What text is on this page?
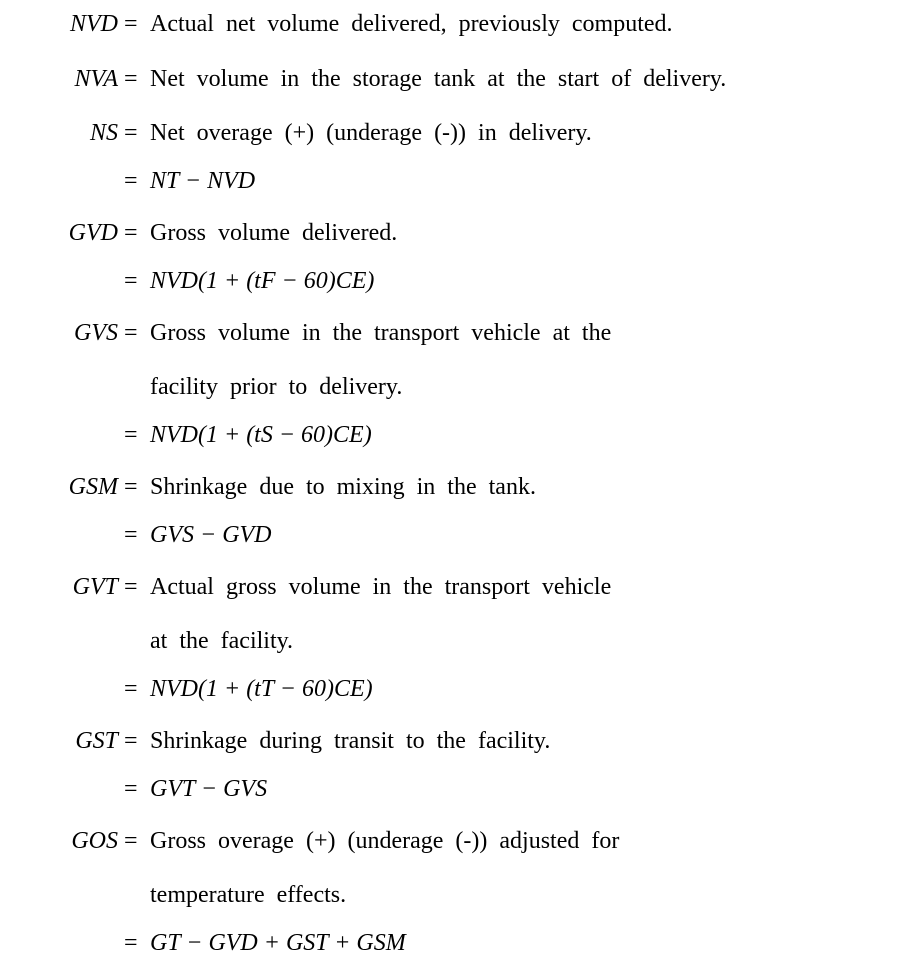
NVD = Actual net volume delivered, previously computed.
NVA = Net volume in the storage tank at the start of delivery.
NS = Net overage (+) (underage (-)) in delivery.
= NT − NVD
GVD = Gross volume delivered.
= NVD(1 + (tF − 60)CE)
GVS = Gross volume in the transport vehicle at the
facility prior to delivery.
= NVD(1 + (tS − 60)CE)
GSM = Shrinkage due to mixing in the tank.
= GVS − GVD
GVT = Actual gross volume in the transport vehicle
at the facility.
= NVD(1 + (tT − 60)CE)
GST = Shrinkage during transit to the facility.
= GVT − GVS
GOS = Gross overage (+) (underage (-)) adjusted for
temperature effects.
= GT − GVD + GST + GSM
